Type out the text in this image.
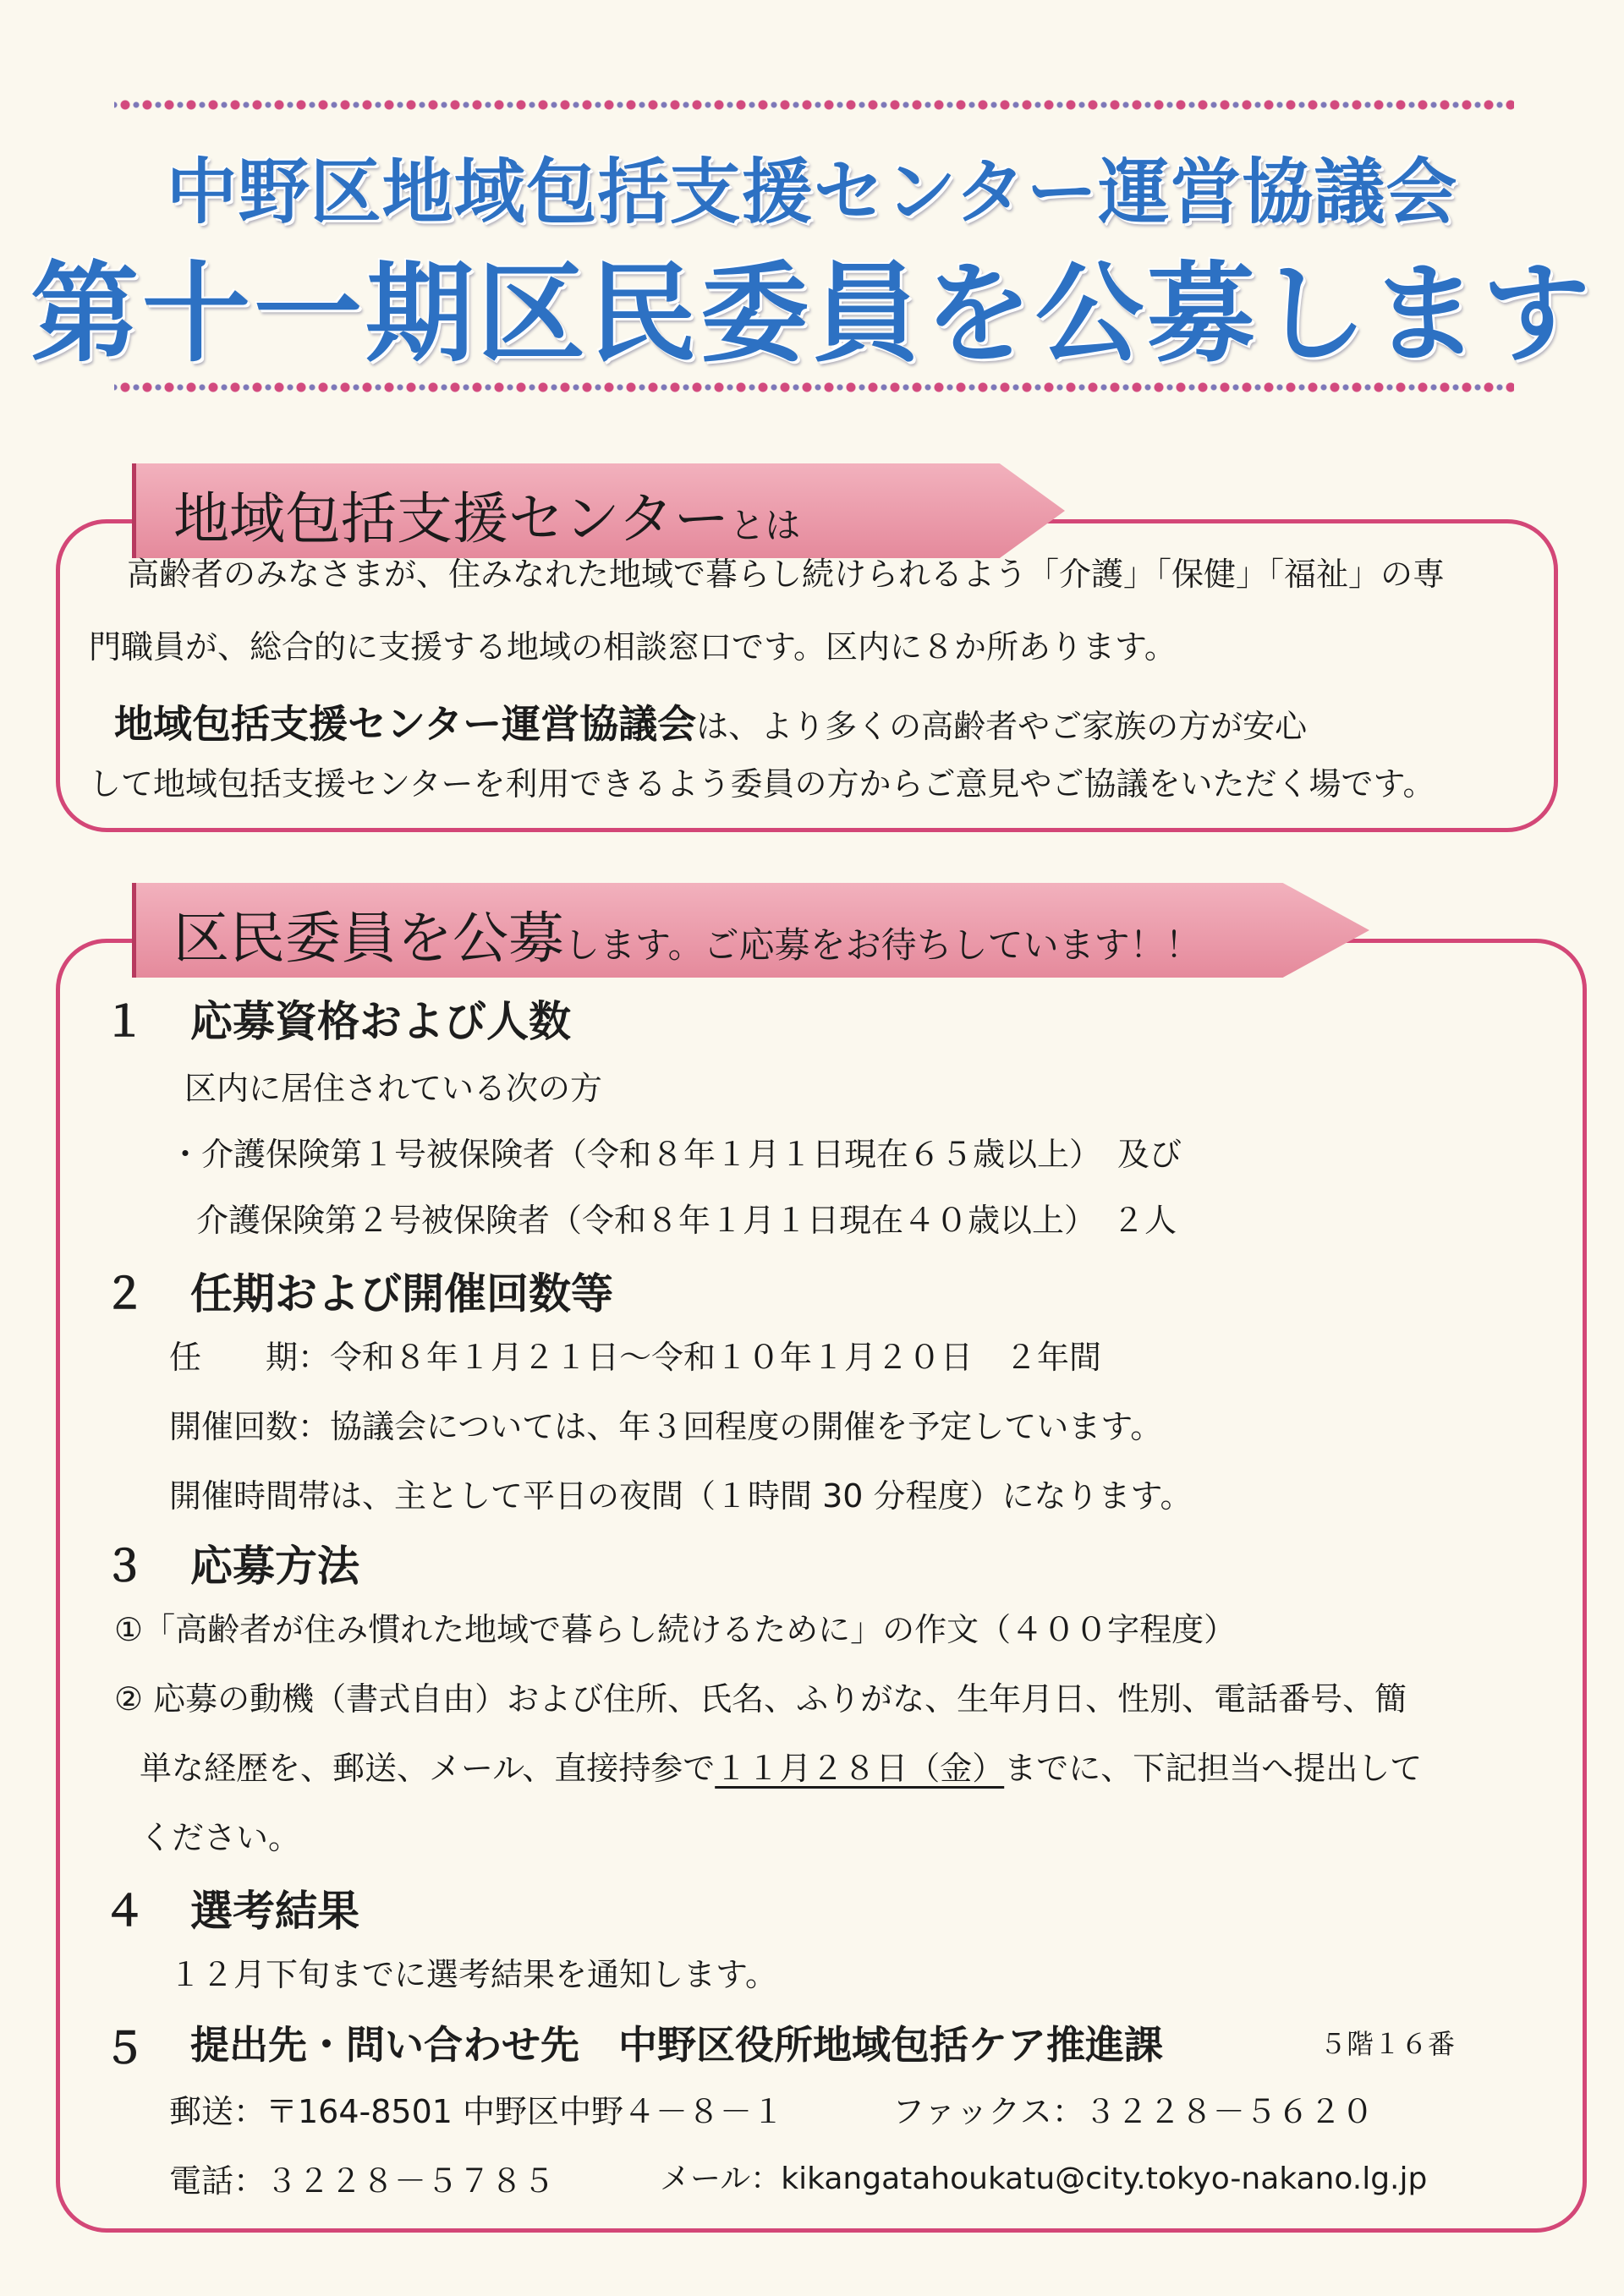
中野区地域包括支援センター運営協議会
第十一期区民委員を公募します
地域包括支援センターとは
高齢者のみなさまが、住みなれた地域で暮らし続けられるよう「介護」「保健」「福祉」の専
門職員が、総合的に支援する地域の相談窓口です。区内に８か所あります。
地域包括支援センター運営協議会は、より多くの高齢者やご家族の方が安心
して地域包括支援センターを利用できるよう委員の方からご意見やご協議をいただく場です。
区民委員を公募します。ご応募をお待ちしています！！
１ 応募資格および人数
区内に居住されている次の方
・介護保険第１号被保険者（令和８年１月１日現在６５歳以上）　及び
介護保険第２号被保険者（令和８年１月１日現在４０歳以上）　２人
２ 任期および開催回数等
任　　期：令和８年１月２１日～令和１０年１月２０日　２年間
開催回数：協議会については、年３回程度の開催を予定しています。
開催時間帯は、主として平日の夜間（１時間 30 分程度）になります。
３ 応募方法
①「高齢者が住み慣れた地域で暮らし続けるために」の作文（４００字程度）
② 応募の動機（書式自由）および住所、氏名、ふりがな、生年月日、性別、電話番号、簡
単な経歴を、郵送、メール、直接持参で１１月２８日（金）までに、下記担当へ提出して
ください。
４ 選考結果
１２月下旬までに選考結果を通知します。
５ 提出先・問い合わせ先　中野区役所地域包括ケア推進課	５階１６番
郵送：〒164-8501 中野区中野４－８－１	ファックス：３２２８－５６２０
電話：３２２８－５７８５	メール：kikangatahoukatu@city.tokyo-nakano.lg.jp
